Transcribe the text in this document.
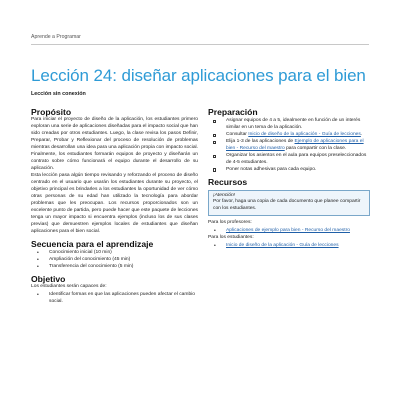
Aprende a Programar
Lección 24: diseñar aplicaciones para el bien
Lección sin conexión
Propósito

Para iniciar el proyecto de diseño de la aplicación, los estudiantes primero exploran una serie de aplicaciones diseñadas para el impacto social que han sido creadas por otros estudiantes. Luego, la clase revisa los pasos Definir, Preparar, Probar y Reflexionar del proceso de resolución de problemas mientras desarrollan una idea para una aplicación propia con impacto social. Finalmente, los estudiantes formarán equipos de proyecto y diseñarán un contrato sobre cómo funcionará el equipo durante el desarrollo de su aplicación.

Esta lección pasa algún tiempo revisando y reforzando el proceso de diseño centrado en el usuario que usarán los estudiantes durante su proyecto, el objetivo principal es brindarles a los estudiantes la oportunidad de ver cómo otras personas de su edad han utilizado la tecnología para abordar problemas que les preocupan. Los recursos proporcionados son un excelente punto de partida, pero puede hacer que este paquete de lecciones tenga un mayor impacto si encuentra ejemplos (incluso los de sus clases previas) que demuestren ejemplos locales de estudiantes que diseñan aplicaciones para el bien social.

Secuencia para el aprendizaje
• Conocimiento inicial (10 min)
• Ampliación del conocimiento (45 min)
• Transferencia del conocimiento (5 min)
Objetivo

Los estudiantes serán capaces de:

• Identificar formas en que las aplicaciones pueden afectar el cambio social.
Preparación
Asignar equipos de 4 a 5, idealmente en función de un interés similar en un tema de la aplicación.
Consultar Inicio de diseño de la aplicación - Guía de lecciones.
Elija 1-3 de las aplicaciones de Ejemplo de aplicaciones para el bien - Recurso del maestro para compartir con la clase.
Organizar los asientos en el aula para equipos preseleccionados de 4-5 estudiantes.
Poner notas adhesivas para cada equipo.
Recursos
¡Atención!

Por favor, haga una copia de cada documento que planee compartir con los estudiantes.

Para los profesores:

• Aplicaciones de ejemplo para bien - Recurso del maestro

Para los estudiantes:

• Inicio de diseño de la aplicación - Guía de lecciones
